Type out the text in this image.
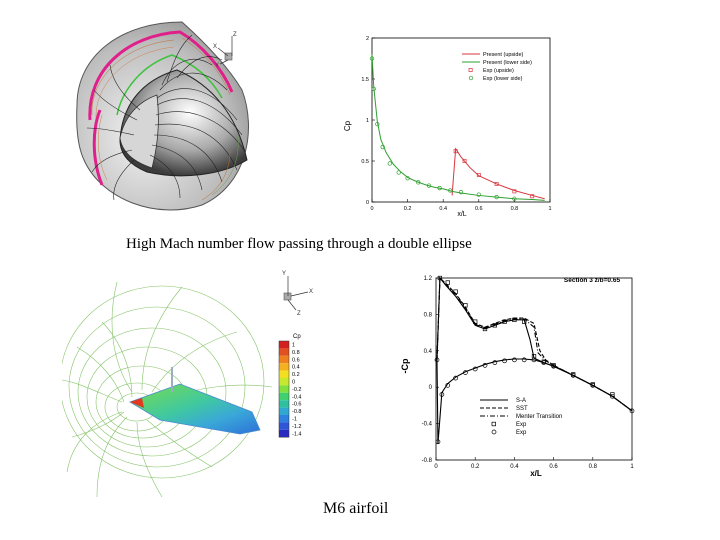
Z
X
Y
0	0.2	0.4	0.6	0.8	1
0
0.5
1
1.5
2
Present (upside)
Present (lower side)
Exp (upside)
Exp (lower side)
x/L
Cp
High Mach number flow passing through a double ellipse
Y
X
Z
Cp
1
0.8
0.6
0.4
0.2
0
-0.2
-0.4
-0.6
-0.8
-1
-1.2
-1.4
0	0.2	0.4	0.6	0.8	1
-0.8
-0.4
0
0.4
0.8
1.2
S-A
SST
Menter Transition
Exp
Exp
Section 3 z/b=0.65
x/L
-Cp
M6 airfoil
